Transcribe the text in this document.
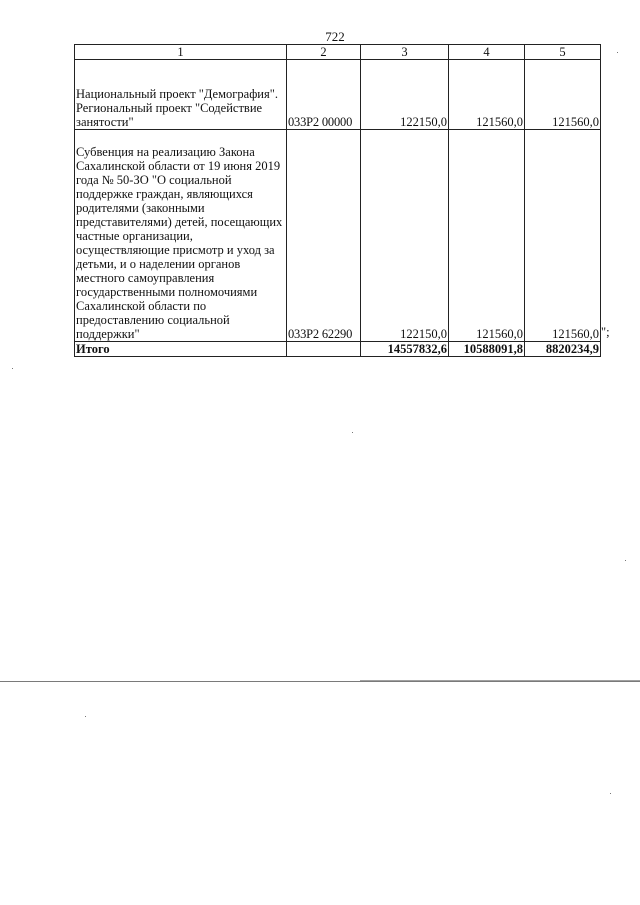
722
1	2	3	4	5
Национальный проект "Демография". Региональный проект "Содействие занятости"	033Р2 00000	122150,0	121560,0	121560,0
Субвенция на реализацию Закона Сахалинской области от 19 июня 2019 года № 50-ЗО "О социальной поддержке граждан, являющихся родителями (законными представителями) детей, посещающих частные организации, осуществляющие присмотр и уход за детьми, и о наделении органов местного самоуправления государственными полномочиями Сахалинской области по предоставлению социальной поддержки"	033Р2 62290	122150,0	121560,0	121560,0
Итого		14557832,6	10588091,8	8820234,9
";
